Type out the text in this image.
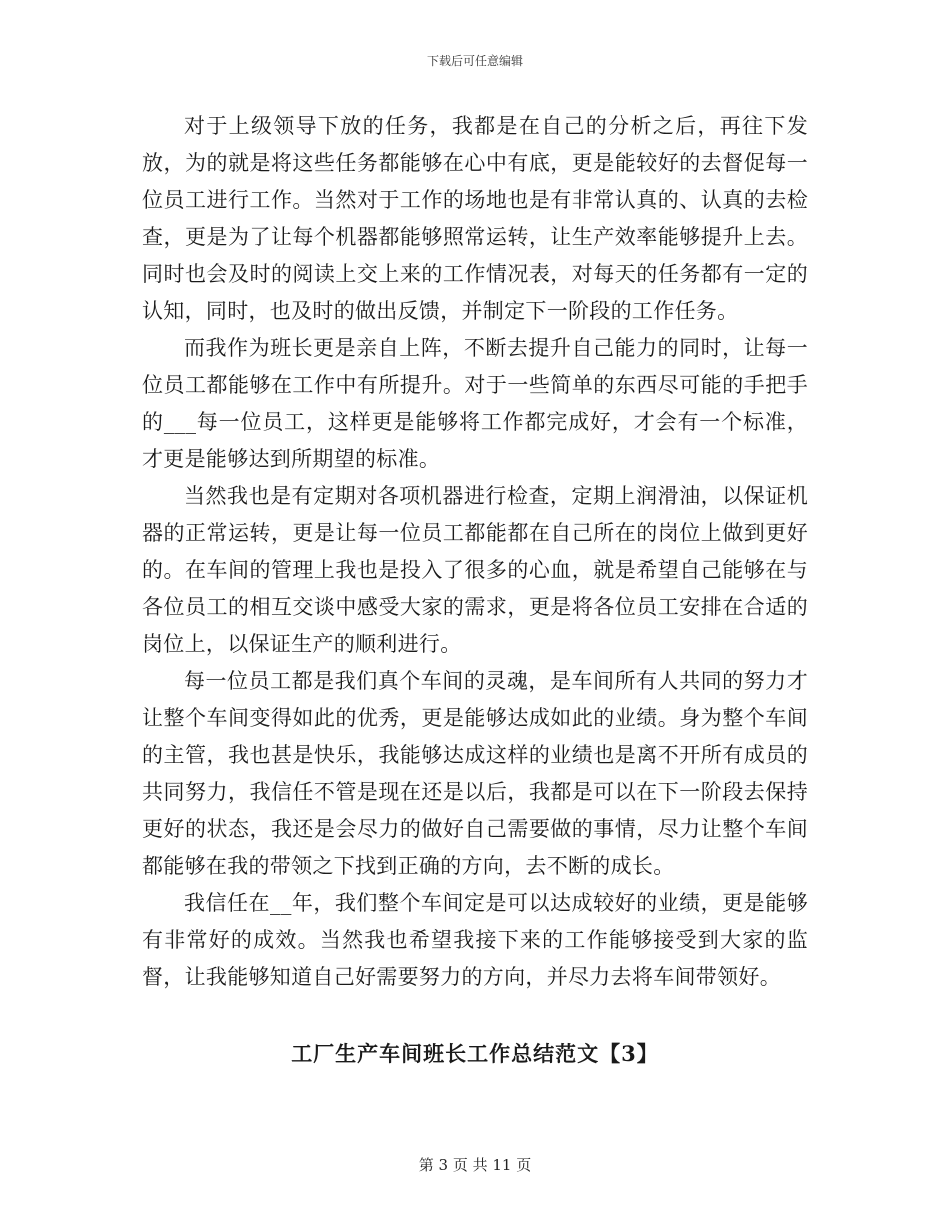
下载后可任意编辑

对于上级领导下放的任务，我都是在自己的分析之后，再往下发放，为的就是将这些任务都能够在心中有底，更是能较好的去督促每一位员工进行工作。当然对于工作的场地也是有非常认真的、认真的去检查，更是为了让每个机器都能够照常运转，让生产效率能够提升上去。同时也会及时的阅读上交上来的工作情况表，对每天的任务都有一定的认知，同时，也及时的做出反馈，并制定下一阶段的工作任务。

而我作为班长更是亲自上阵，不断去提升自己能力的同时，让每一位员工都能够在工作中有所提升。对于一些简单的东西尽可能的手把手的___每一位员工，这样更是能够将工作都完成好，才会有一个标准，才更是能够达到所期望的标准。

当然我也是有定期对各项机器进行检查，定期上润滑油，以保证机器的正常运转，更是让每一位员工都能都在自己所在的岗位上做到更好的。在车间的管理上我也是投入了很多的心血，就是希望自己能够在与各位员工的相互交谈中感受大家的需求，更是将各位员工安排在合适的岗位上，以保证生产的顺利进行。

每一位员工都是我们真个车间的灵魂，是车间所有人共同的努力才让整个车间变得如此的优秀，更是能够达成如此的业绩。身为整个车间的主管，我也甚是快乐，我能够达成这样的业绩也是离不开所有成员的共同努力，我信任不管是现在还是以后，我都是可以在下一阶段去保持更好的状态，我还是会尽力的做好自己需要做的事情，尽力让整个车间都能够在我的带领之下找到正确的方向，去不断的成长。

我信任在__年，我们整个车间定是可以达成较好的业绩，更是能够有非常好的成效。当然我也希望我接下来的工作能够接受到大家的监督，让我能够知道自己好需要努力的方向，并尽力去将车间带领好。

工厂生产车间班长工作总结范文【3】
第 3 页 共 11 页
